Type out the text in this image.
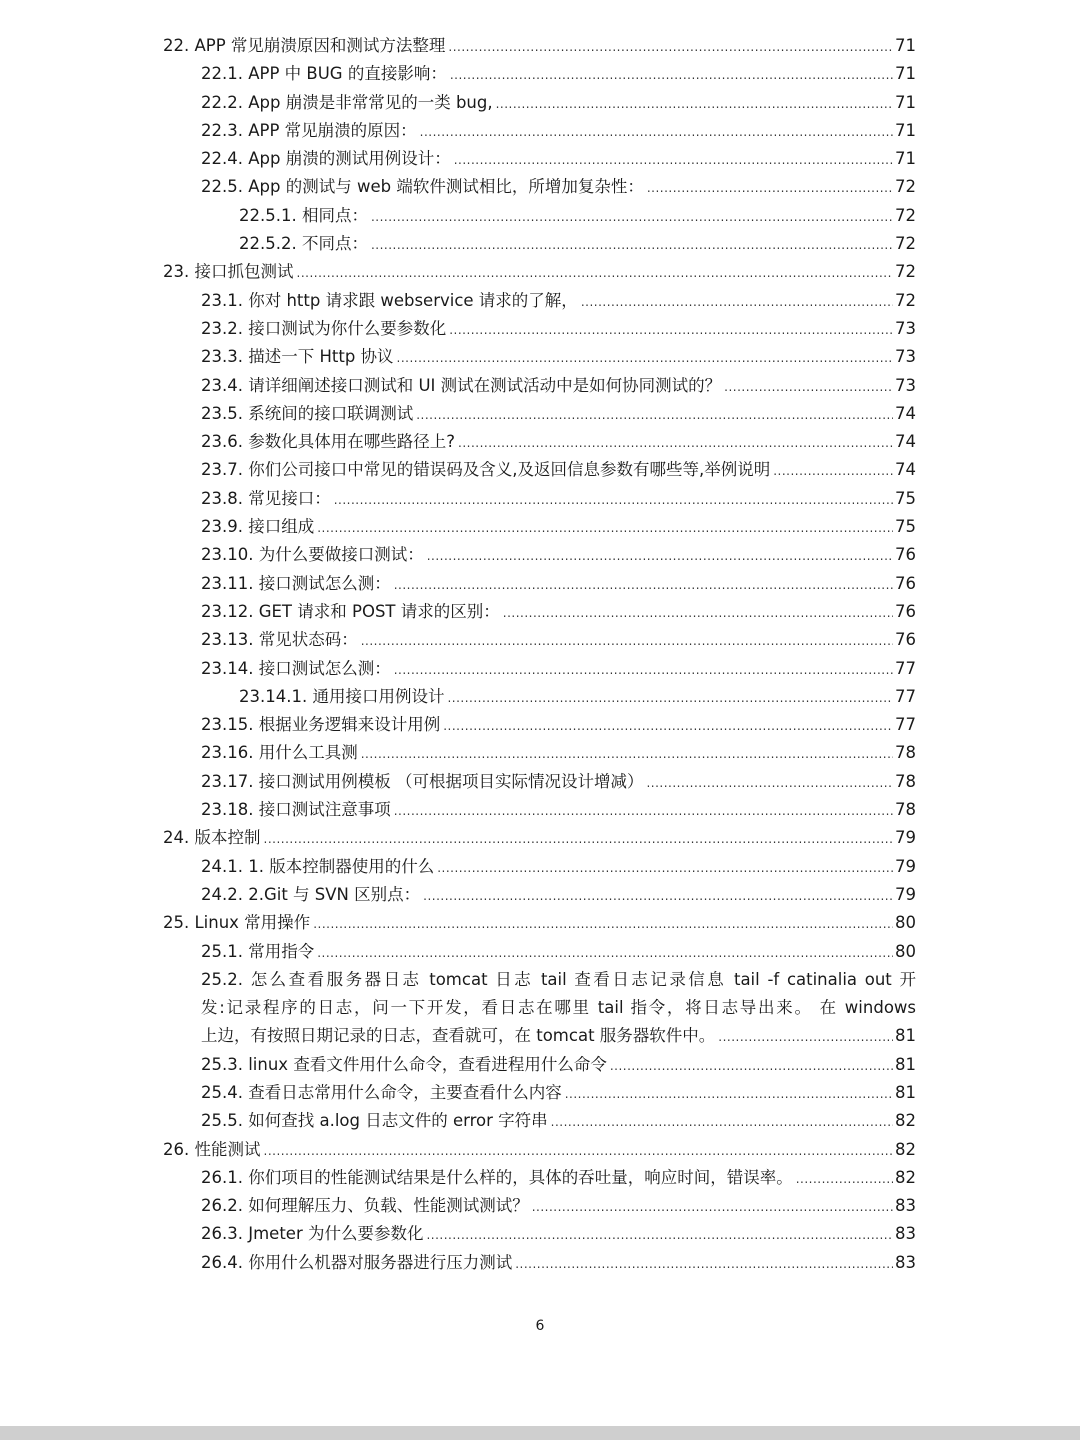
22. APP 常见崩溃原因和测试方法整理 .....	71
22.1. APP 中 BUG 的直接影响： .....	71
22.2. App 崩溃是非常常见的一类 bug, .....	71
22.3. APP 常见崩溃的原因： .....	71
22.4. App 崩溃的测试用例设计： .....	71
22.5. App 的测试与 web 端软件测试相比，所增加复杂性： .....	72
22.5.1. 相同点： .....	72
22.5.2. 不同点： .....	72
23. 接口抓包测试 .....	72
23.1. 你对 http 请求跟 webservice 请求的了解， .....	72
23.2. 接口测试为你什么要参数化 .....	73
23.3. 描述一下 Http 协议 .....	73
23.4. 请详细阐述接口测试和 UI 测试在测试活动中是如何协同测试的？ .....	73
23.5. 系统间的接口联调测试 .....	74
23.6. 参数化具体用在哪些路径上? .....	74
23.7. 你们公司接口中常见的错误码及含义,及返回信息参数有哪些等,举例说明 .....	74
23.8. 常见接口： .....	75
23.9. 接口组成 .....	75
23.10. 为什么要做接口测试： .....	76
23.11. 接口测试怎么测： .....	76
23.12. GET 请求和 POST 请求的区别： .....	76
23.13. 常见状态码： .....	76
23.14. 接口测试怎么测： .....	77
23.14.1. 通用接口用例设计 .....	77
23.15. 根据业务逻辑来设计用例 .....	77
23.16. 用什么工具测 .....	78
23.17. 接口测试用例模板 （可根据项目实际情况设计增减） .....	78
23.18. 接口测试注意事项 .....	78
24. 版本控制 .....	79
24.1. 1. 版本控制器使用的什么 .....	79
24.2. 2.Git 与 SVN 区别点： .....	79
25. Linux 常用操作 .....	80
25.1. 常用指令 .....	80
25.2. 怎么查看服务器日志 tomcat 日志 tail 查看日志记录信息 tail -f catinalia out 开
发:记录程序的日志，问一下开发，看日志在哪里 tail 指令，将日志导出来。 在 windows
上边，有按照日期记录的日志，查看就可，在 tomcat 服务器软件中。 .....	81
25.3. linux 查看文件用什么命令，查看进程用什么命令 .....	81
25.4. 查看日志常用什么命令，主要查看什么内容 .....	81
25.5. 如何查找 a.log 日志文件的 error 字符串 .....	82
26. 性能测试 .....	82
26.1. 你们项目的性能测试结果是什么样的，具体的吞吐量，响应时间，错误率。 .....	82
26.2. 如何理解压力、负载、性能测试测试？ .....	83
26.3. Jmeter 为什么要参数化 .....	83
26.4. 你用什么机器对服务器进行压力测试 .....	83
6
